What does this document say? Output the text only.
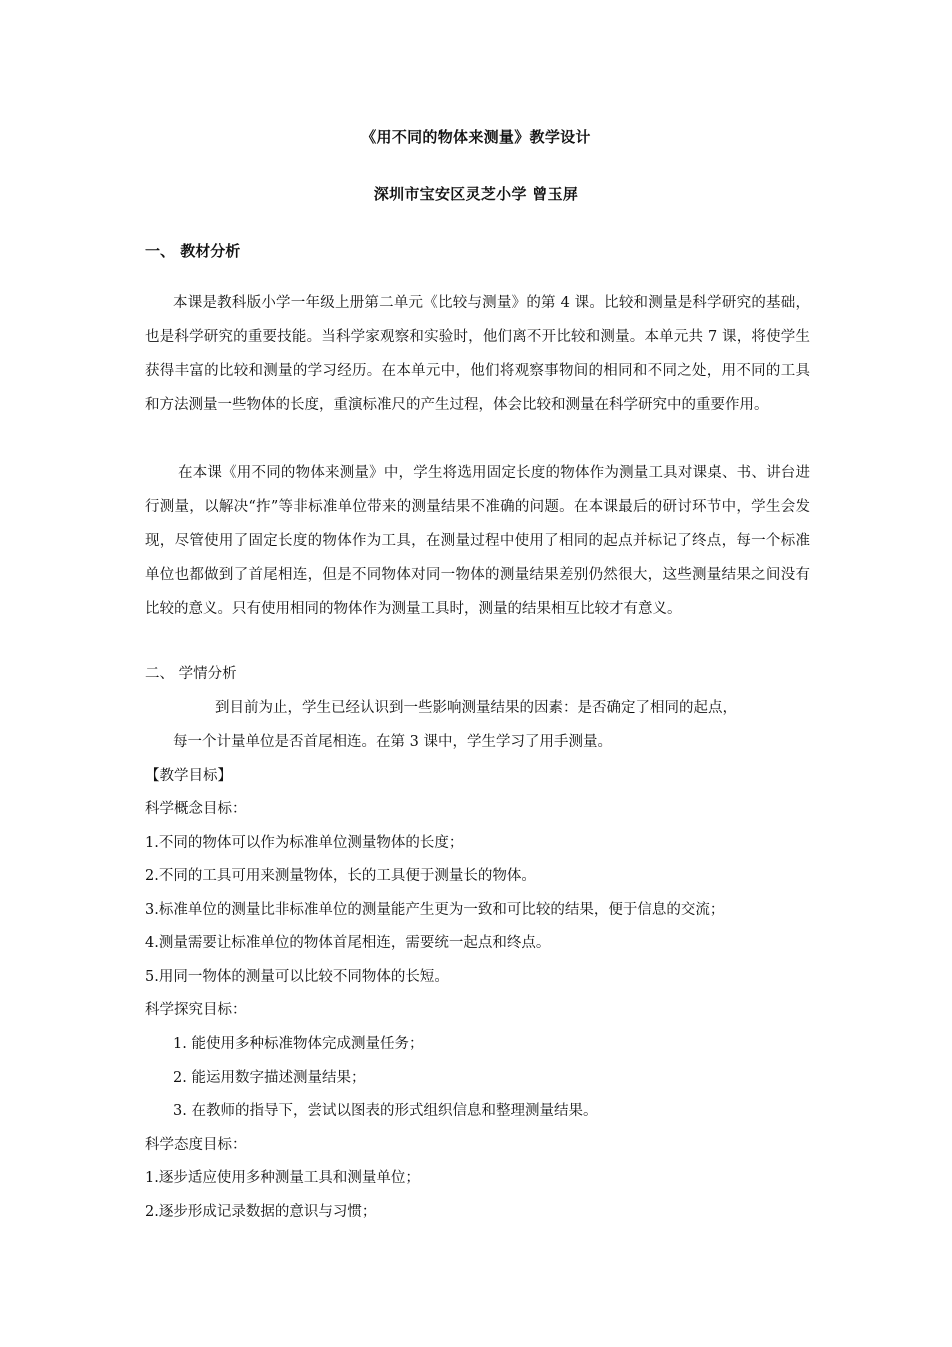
《用不同的物体来测量》教学设计
深圳市宝安区灵芝小学 曾玉屏
一、 教材分析
本课是教科版小学一年级上册第二单元《比较与测量》的第 4 课。比较和测量是科学研究的基础，也是科学研究的重要技能。当科学家观察和实验时，他们离不开比较和测量。本单元共 7 课，将使学生获得丰富的比较和测量的学习经历。在本单元中，他们将观察事物间的相同和不同之处，用不同的工具和方法测量一些物体的长度，重演标准尺的产生过程，体会比较和测量在科学研究中的重要作用。
在本课《用不同的物体来测量》中，学生将选用固定长度的物体作为测量工具对课桌、书、讲台进行测量，以解决“拃”等非标准单位带来的测量结果不准确的问题。在本课最后的研讨环节中，学生会发现，尽管使用了固定长度的物体作为工具，在测量过程中使用了相同的起点并标记了终点，每一个标准单位也都做到了首尾相连，但是不同物体对同一物体的测量结果差别仍然很大，这些测量结果之间没有比较的意义。只有使用相同的物体作为测量工具时，测量的结果相互比较才有意义。
二、 学情分析
到目前为止，学生已经认识到一些影响测量结果的因素：是否确定了相同的起点，
每一个计量单位是否首尾相连。在第 3 课中，学生学习了用手测量。
【教学目标】
科学概念目标：
1.不同的物体可以作为标准单位测量物体的长度；
2.不同的工具可用来测量物体，长的工具便于测量长的物体。
3.标准单位的测量比非标准单位的测量能产生更为一致和可比较的结果，便于信息的交流；
4.测量需要让标准单位的物体首尾相连，需要统一起点和终点。
5.用同一物体的测量可以比较不同物体的长短。
科学探究目标：
1. 能使用多种标准物体完成测量任务；
2. 能运用数字描述测量结果；
3. 在教师的指导下，尝试以图表的形式组织信息和整理测量结果。
科学态度目标：
1.逐步适应使用多种测量工具和测量单位；
2.逐步形成记录数据的意识与习惯；
